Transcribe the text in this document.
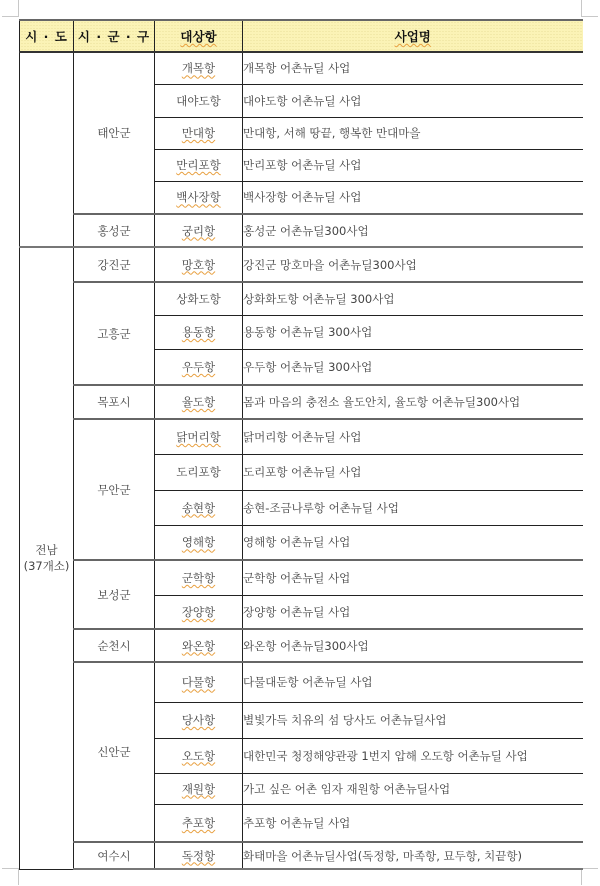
시 · 도	시 · 군 · 구	대상항	사업명
	태안군	개목항	개목항 어촌뉴딜 사업
		대야도항	대야도항 어촌뉴딜 사업
		만대항	만대항, 서해 땅끝, 행복한 만대마을
		만리포항	만리포항 어촌뉴딜 사업
		백사장항	백사장항 어촌뉴딜 사업
	홍성군	궁리항	홍성군 어촌뉴딜300사업

전남
(37개소)	강진군	망호항	강진군 망호마을 어촌뉴딜300사업
	고흥군	상화도항	상화화도항 어촌뉴딜 300사업
		용동항	용동항 어촌뉴딜 300사업
		우두항	우두항 어촌뉴딜 300사업
	목포시	율도항	몸과 마음의 충전소 율도안치, 율도항 어촌뉴딜300사업
	무안군	닭머리항	닭머리항 어촌뉴딜 사업
		도리포항	도리포항 어촌뉴딜 사업
		송현항	송현-조금나루항 어촌뉴딜 사업
		영해항	영해항 어촌뉴딜 사업
	보성군	군학항	군학항 어촌뉴딜 사업
		장양항	장양항 어촌뉴딜 사업
	순천시	와온항	와온항 어촌뉴딜300사업
	신안군	다물항	다물대둔항 어촌뉴딜 사업
		당사항	별빛가득 치유의 섬 당사도 어촌뉴딜사업
		오도항	대한민국 청정해양관광 1번지 압해 오도항 어촌뉴딜 사업
		재원항	가고 싶은 어촌 임자 재원항 어촌뉴딜사업
		추포항	추포항 어촌뉴딜 사업
	여수시	독정항	화태마을 어촌뉴딜사업(독정항, 마족항, 묘두항, 치끝항)
